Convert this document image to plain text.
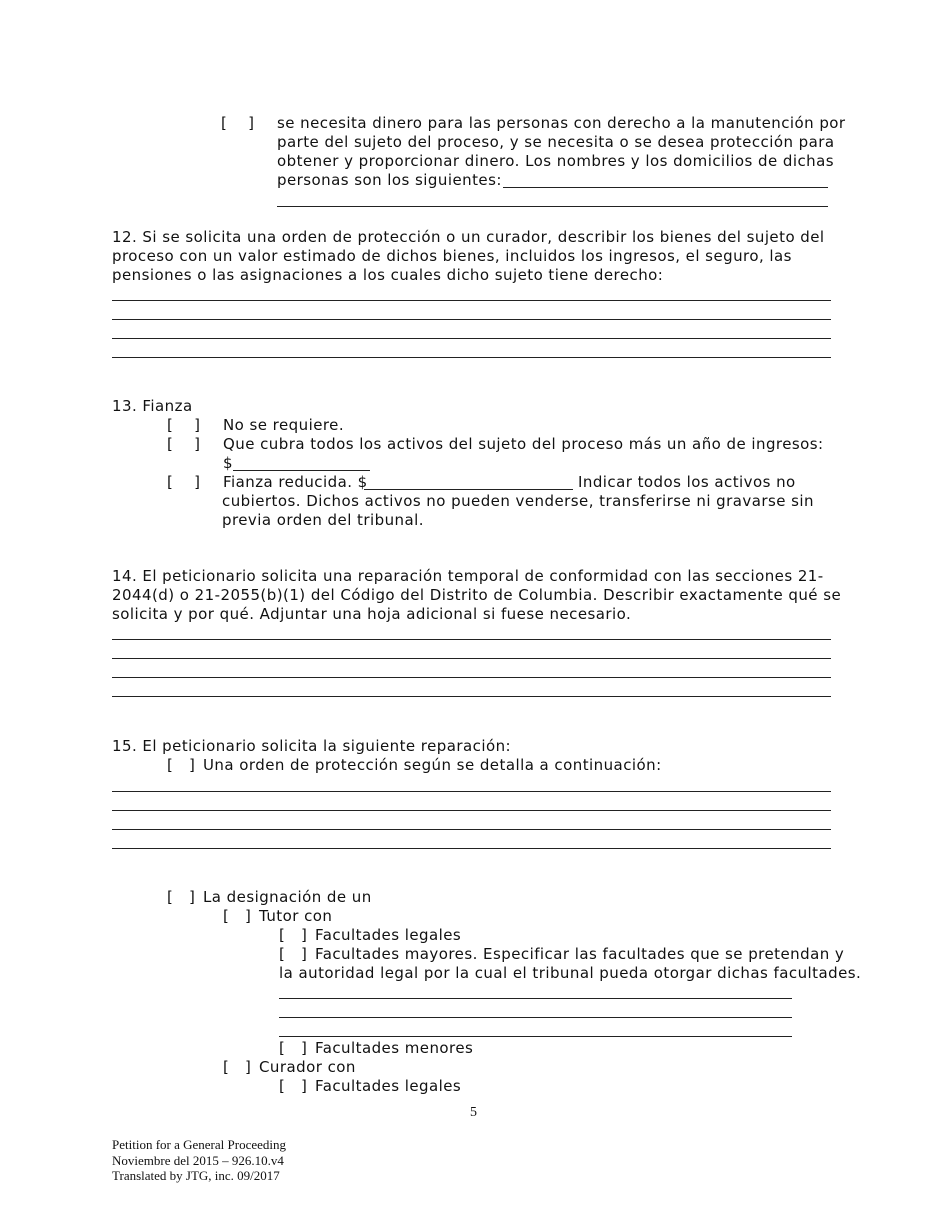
[    ] se necesita dinero para las personas con derecho a la manutención por
parte del sujeto del proceso, y se necesita o se desea protección para
obtener y proporcionar dinero. Los nombres y los domicilios de dichas
personas son los siguientes:
12. Si se solicita una orden de protección o un curador, describir los bienes del sujeto del
proceso con un valor estimado de dichos bienes, incluidos los ingresos, el seguro, las
pensiones o las asignaciones a los cuales dicho sujeto tiene derecho:
13. Fianza
[    ] No se requiere.
[    ] Que cubra todos los activos del sujeto del proceso más un año de ingresos:
$
[    ] Fianza reducida. $	Indicar todos los activos no
cubiertos. Dichos activos no pueden venderse, transferirse ni gravarse sin
previa orden del tribunal.
14. El peticionario solicita una reparación temporal de conformidad con las secciones 21-
2044(d) o 21-2055(b)(1) del Código del Distrito de Columbia. Describir exactamente qué se
solicita y por qué. Adjuntar una hoja adicional si fuese necesario.
15. El peticionario solicita la siguiente reparación:
[   ] Una orden de protección según se detalla a continuación:
[   ] La designación de un
[   ] Tutor con
[   ] Facultades legales
[   ] Facultades mayores. Especificar las facultades que se pretendan y
la autoridad legal por la cual el tribunal pueda otorgar dichas facultades.
[   ] Facultades menores
[   ] Curador con
[   ] Facultades legales
5
Petition for a General Proceeding
Noviembre del 2015 – 926.10.v4
Translated by JTG, inc. 09/2017
